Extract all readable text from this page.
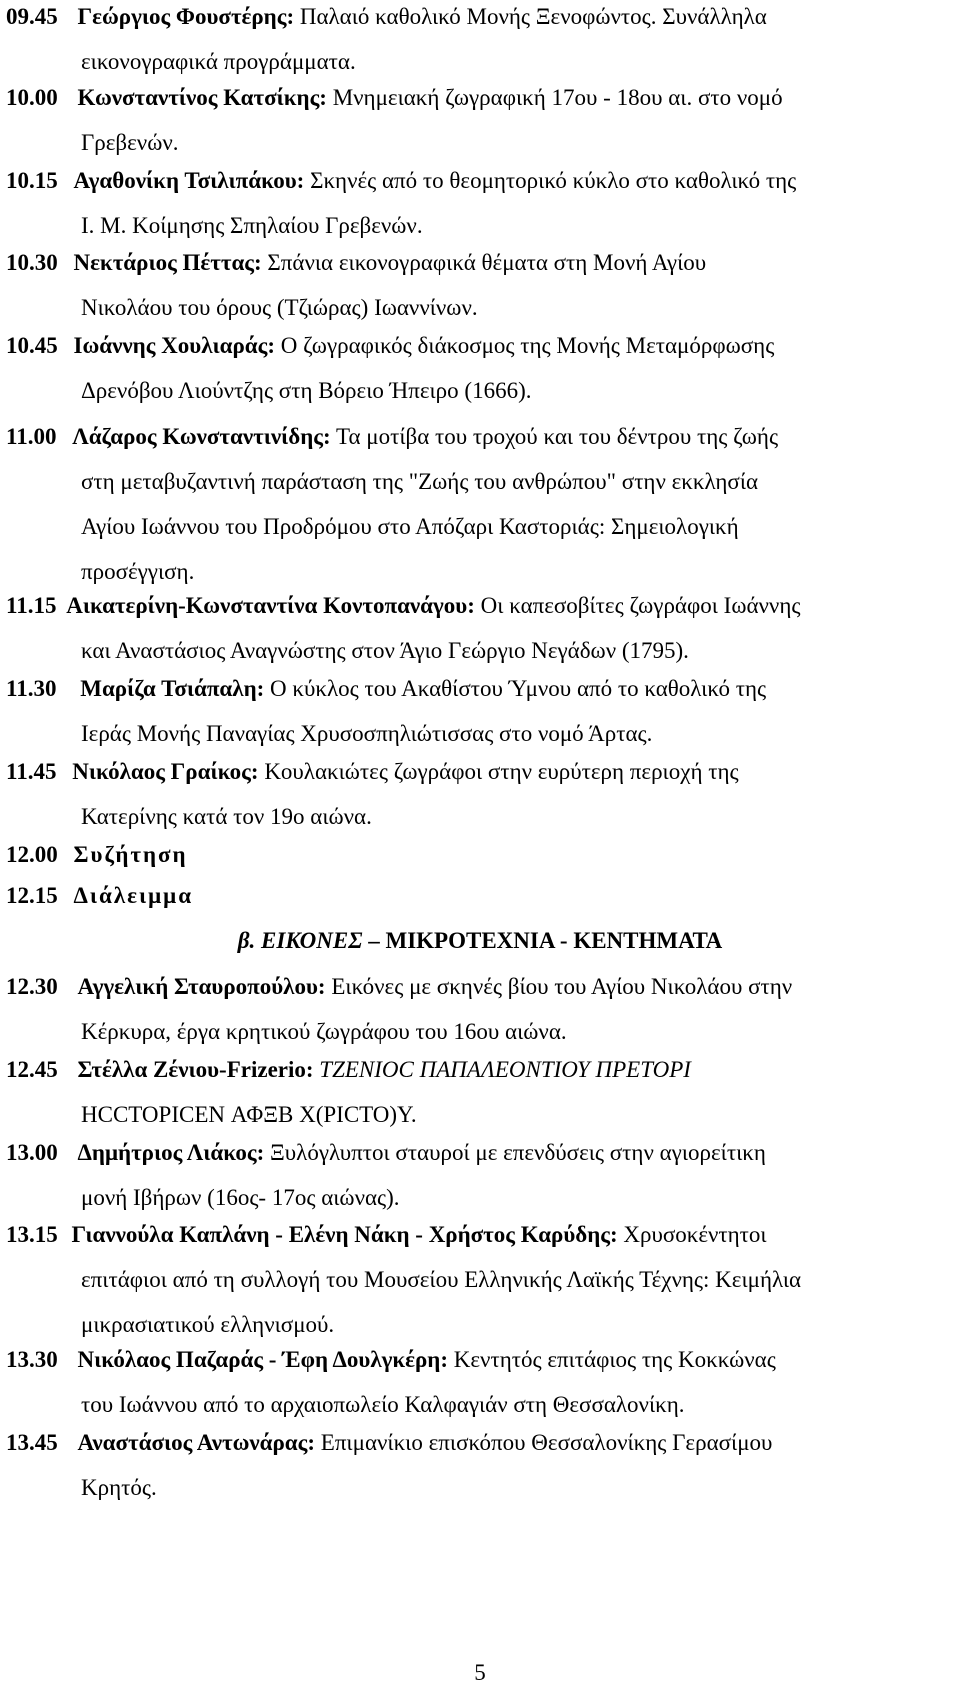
09.45 Γεώργιος Φουστέρης: Παλαιό καθολικό Μονής Ξενοφώντος. Συνάλληλα
εικονογραφικά προγράμματα.
10.00 Κωνσταντίνος Κατσίκης: Μνημειακή ζωγραφική 17ου - 18ου αι. στο νομό
Γρεβενών.
10.15 Αγαθονίκη Τσιλιπάκου: Σκηνές από το θεομητορικό κύκλο στο καθολικό της
Ι. Μ. Κοίμησης Σπηλαίου Γρεβενών.
10.30 Νεκτάριος Πέττας: Σπάνια εικονογραφικά θέματα στη Μονή Αγίου
Νικολάου του όρους (Τζιώρας) Ιωαννίνων.
10.45 Ιωάννης Χουλιαράς: Ο ζωγραφικός διάκοσμος της Μονής Μεταμόρφωσης
Δρενόβου Λιούντζης στη Βόρειο Ήπειρο (1666).
11.00 Λάζαρος Κωνσταντινίδης: Τα μοτίβα του τροχού και του δέντρου της ζωής
στη μεταβυζαντινή παράσταση της "Ζωής του ανθρώπου" στην εκκλησία
Αγίου Ιωάννου του Προδρόμου στο Απόζαρι Καστοριάς: Σημειολογική
προσέγγιση.
11.15 Αικατερίνη-Κωνσταντίνα Κοντοπανάγου: Οι καπεσοβίτες ζωγράφοι Ιωάννης
και Αναστάσιος Αναγνώστης στον Άγιο Γεώργιο Νεγάδων (1795).
11.30 Μαρίζα Τσιάπαλη: Ο κύκλος του Ακαθίστου Ύμνου από το καθολικό της
Ιεράς Μονής Παναγίας Χρυσοσπηλιώτισσας στο νομό Άρτας.
11.45 Νικόλαος Γραίκος: Κουλακιώτες ζωγράφοι στην ευρύτερη περιοχή της
Κατερίνης κατά τον 19ο αιώνα.
12.00 Συζήτηση
12.15 Διάλειμμα
β. ΕΙΚΟΝΕΣ – ΜΙΚΡΟΤΕΧΝΙΑ - ΚΕΝΤΗΜΑΤΑ
12.30 Αγγελική Σταυροπούλου: Εικόνες με σκηνές βίου του Αγίου Νικολάου στην
Κέρκυρα, έργα κρητικού ζωγράφου του 16ου αιώνα.
12.45 Στέλλα Ζένιου-Frizerio: ΤΖΕΝΙΟC ΠΑΠΑΛΕΟΝΤΙΟΥ ΠΡΕΤΟΡΙ
HCCTOPICEN ΑΦΞΒ Χ(ΡΙCΤΟ)Υ.
13.00 Δημήτριος Λιάκος: Ξυλόγλυπτοι σταυροί με επενδύσεις στην αγιορείτικη
μονή Ιβήρων (16ος- 17ος αιώνας).
13.15 Γιαννούλα Καπλάνη - Ελένη Νάκη - Χρήστος Καρύδης: Χρυσοκέντητοι
επιτάφιοι από τη συλλογή του Μουσείου Ελληνικής Λαϊκής Τέχνης: Κειμήλια
μικρασιατικού ελληνισμού.
13.30 Νικόλαος Παζαράς - Έφη Δουλγκέρη: Κεντητός επιτάφιος της Κοκκώνας
του Ιωάννου από το αρχαιοπωλείο Καλφαγιάν στη Θεσσαλονίκη.
13.45 Αναστάσιος Αντωνάρας: Επιμανίκιο επισκόπου Θεσσαλονίκης Γερασίμου
Κρητός.
5
